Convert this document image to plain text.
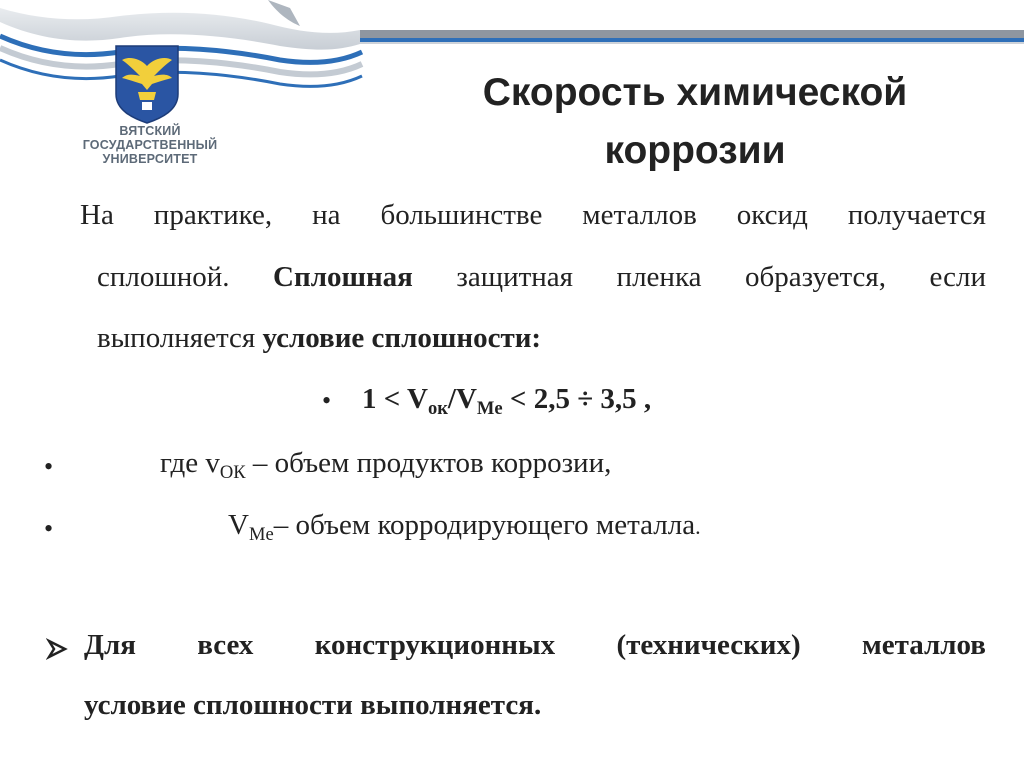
ВЯТСКИЙ
ГОСУДАРСТВЕННЫЙ
УНИВЕРСИТЕТ
Скорость химической
коррозии
На практике, на большинстве металлов оксид получается
сплошной. Сплошная защитная пленка образуется, если
выполняется условие сплошности:
• $1 < V_{ок}/V_{Me} < 2,5 \div 3,5$ ,
•	где $v_{ОК}$ – объем продуктов коррозии,
•	$V_{Me}-$ объем корродирующего металла.
Для всех конструкционных (технических) металлов
условие сплошности выполняется.
